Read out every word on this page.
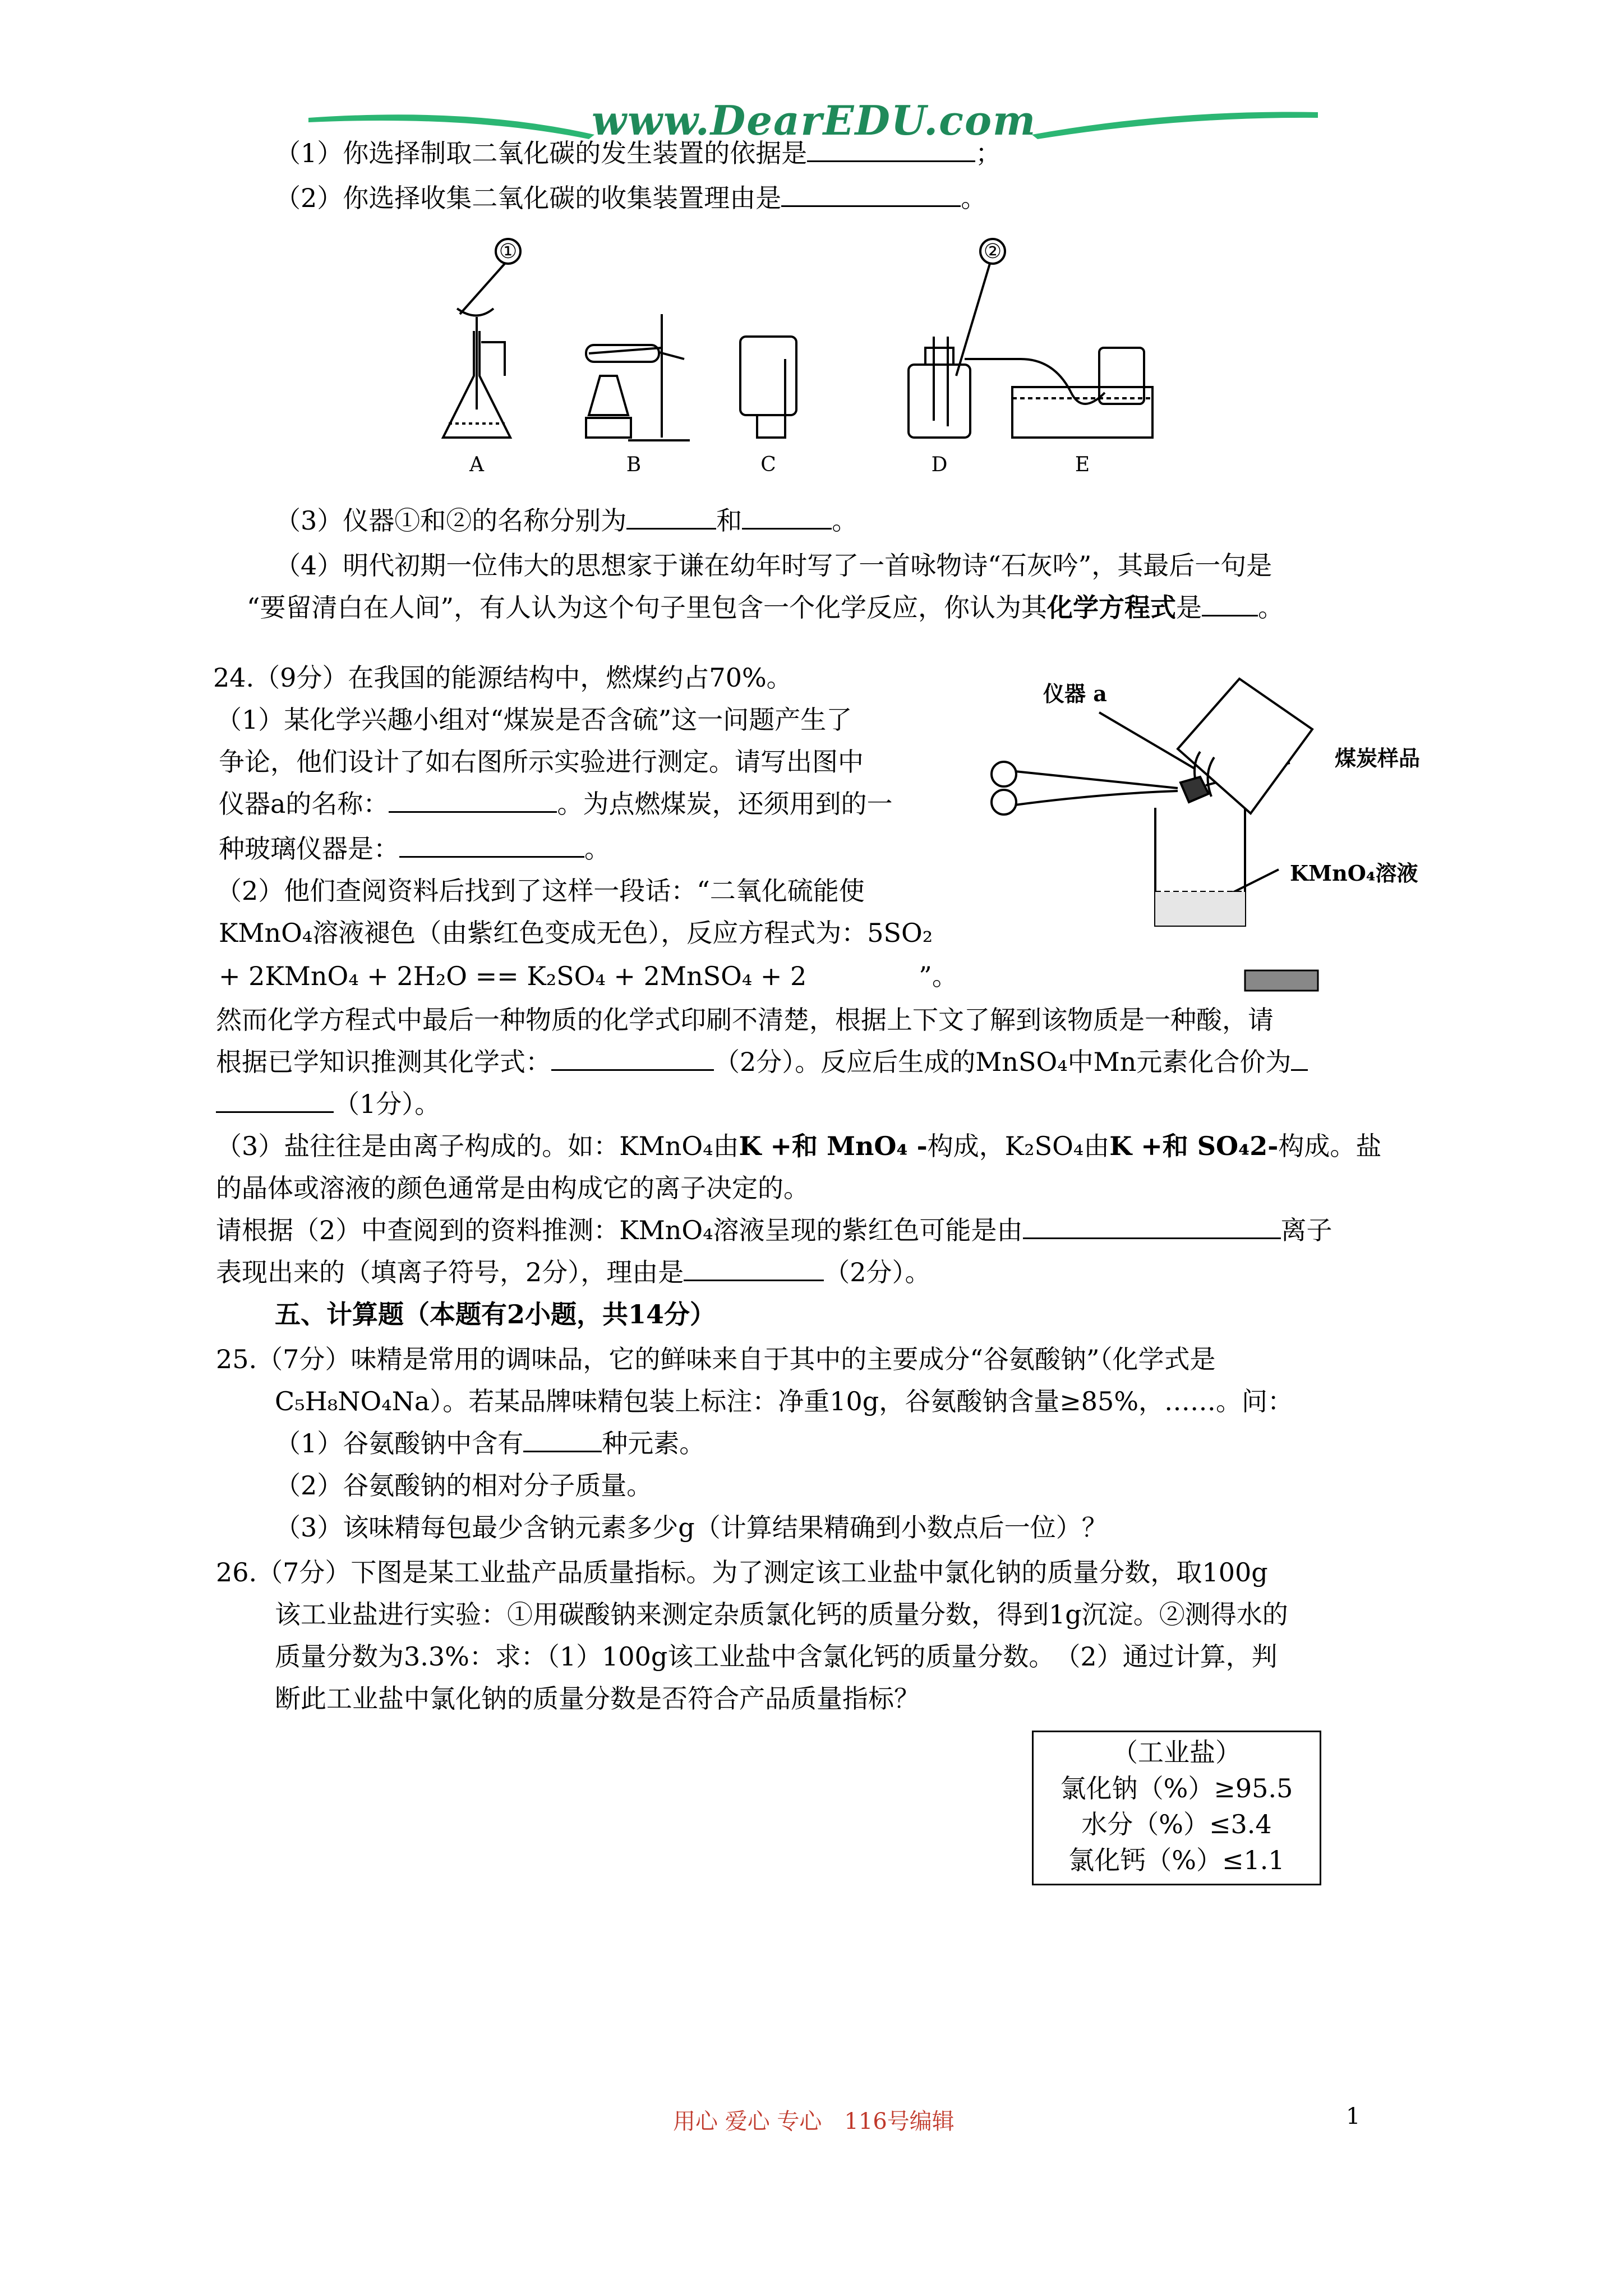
www.DearEDU.com
（1）你选择制取二氧化碳的发生装置的依据是	；
（2）你选择收集二氧化碳的收集装置理由是	。
①	②
A	B	C	D	E
（3）仪器①和②的名称分别为	和	。
（4）明代初期一位伟大的思想家于谦在幼年时写了一首咏物诗“石灰吟”，其最后一句是
“要留清白在人间”，有人认为这个句子里包含一个化学反应，你认为其化学方程式是 。
24.（9分）在我国的能源结构中，燃煤约占70%。
（1）某化学兴趣小组对“煤炭是否含硫”这一问题产生了
争论，他们设计了如右图所示实验进行测定。请写出图中
仪器a的名称：	。为点燃煤炭，还须用到的一
种玻璃仪器是：	。
（2）他们查阅资料后找到了这样一段话：“二氧化硫能使
KMnO₄溶液褪色（由紫红色变成无色），反应方程式为：5SO₂
+ 2KMnO₄ + 2H₂O == K₂SO₄ + 2MnSO₄ + 2	”。
仪器 a
煤炭样品
KMnO₄溶液
然而化学方程式中最后一种物质的化学式印刷不清楚，根据上下文了解到该物质是一种酸，请
根据已学知识推测其化学式：	（2分）。反应后生成的MnSO₄中Mn元素化合价为
（1分）。
（3）盐往往是由离子构成的。如：KMnO₄由K +和 MnO₄ -构成，K₂SO₄由K +和 SO₄2-构成。盐
的晶体或溶液的颜色通常是由构成它的离子决定的。
请根据（2）中查阅到的资料推测：KMnO₄溶液呈现的紫红色可能是由	离子
表现出来的（填离子符号，2分），理由是	（2分）。
五、计算题（本题有2小题，共14分）
25.（7分）味精是常用的调味品，它的鲜味来自于其中的主要成分“谷氨酸钠”（化学式是
C₅H₈NO₄Na）。若某品牌味精包装上标注：净重10g，谷氨酸钠含量≥85%，……。问：
（1）谷氨酸钠中含有	种元素。
（2）谷氨酸钠的相对分子质量。
（3）该味精每包最少含钠元素多少g（计算结果精确到小数点后一位）？
26.（7分）下图是某工业盐产品质量指标。为了测定该工业盐中氯化钠的质量分数，取100g
该工业盐进行实验：①用碳酸钠来测定杂质氯化钙的质量分数，得到1g沉淀。②测得水的
质量分数为3.3%：求：（1）100g该工业盐中含氯化钙的质量分数。　（2）通过计算，判
断此工业盐中氯化钠的质量分数是否符合产品质量指标？
（工业盐）
氯化钠（%）≥95.5
水分（%）≤3.4
氯化钙（%）≤1.1
用心 爱心 专心　116号编辑	1
